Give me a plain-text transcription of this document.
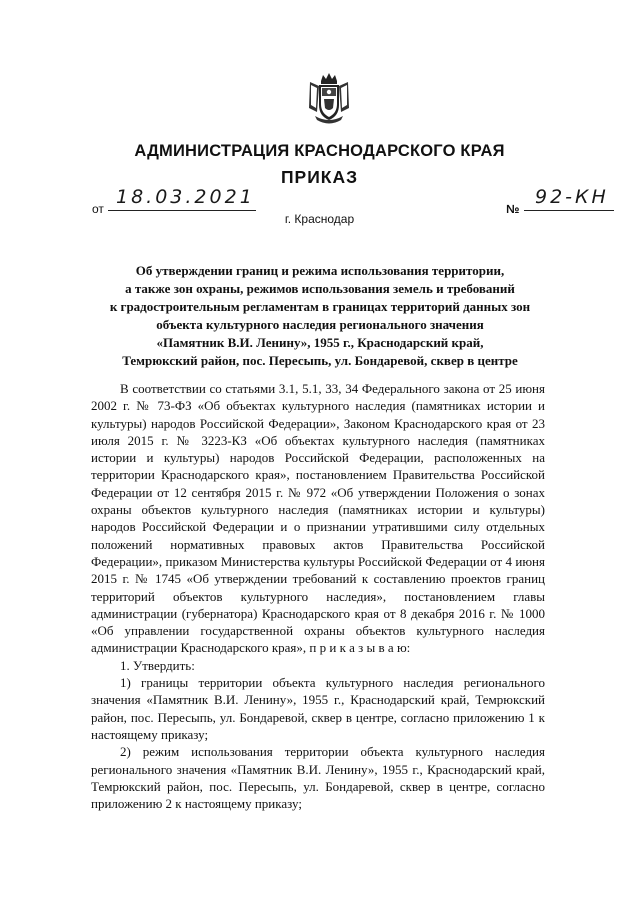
АДМИНИСТРАЦИЯ КРАСНОДАРСКОГО КРАЯ
ПРИКАЗ
от
18.03.2021
г. Краснодар
№
92-КН
Об утверждении границ и режима использования территории,
а также зон охраны, режимов использования земель и требований
к градостроительным регламентам в границах территорий данных зон
объекта культурного наследия регионального значения
«Памятник В.И. Ленину», 1955 г., Краснодарский край,
Темрюкский район, пос. Пересыпь, ул. Бондаревой, сквер в центре

В соответствии со статьями 3.1, 5.1, 33, 34 Федерального закона от 25 июня 2002 г. № 73-ФЗ «Об объектах культурного наследия (памятниках истории и культуры) народов Российской Федерации», Законом Краснодарского края от 23 июля 2015 г. № 3223-КЗ «Об объектах культурного наследия (памятниках истории и культуры) народов Российской Федерации, расположенных на территории Краснодарского края», постановлением Правительства Российской Федерации от 12 сентября 2015 г. № 972 «Об утверждении Положения о зонах охраны объектов культурного наследия (памятниках истории и культуры) народов Российской Федерации и о признании утратившими силу отдельных положений нормативных правовых актов Правительства Российской Федерации», приказом Министерства культуры Российской Федерации от 4 июня 2015 г. № 1745 «Об утверждении требований к составлению проектов границ территорий объектов культурного наследия», постановлением главы администрации (губернатора) Краснодарского края от 8 декабря 2016 г. № 1000 «Об управлении государственной охраны объектов культурного наследия администрации Краснодарского края», п р и к а з ы в а ю:

1. Утвердить:

1) границы территории объекта культурного наследия регионального значения «Памятник В.И. Ленину», 1955 г., Краснодарский край, Темрюкский район, пос. Пересыпь, ул. Бондаревой, сквер в центре, согласно приложению 1 к настоящему приказу;

2) режим использования территории объекта культурного наследия регионального значения «Памятник В.И. Ленину», 1955 г., Краснодарский край, Темрюкский район, пос. Пересыпь, ул. Бондаревой, сквер в центре, согласно приложению 2 к настоящему приказу;
